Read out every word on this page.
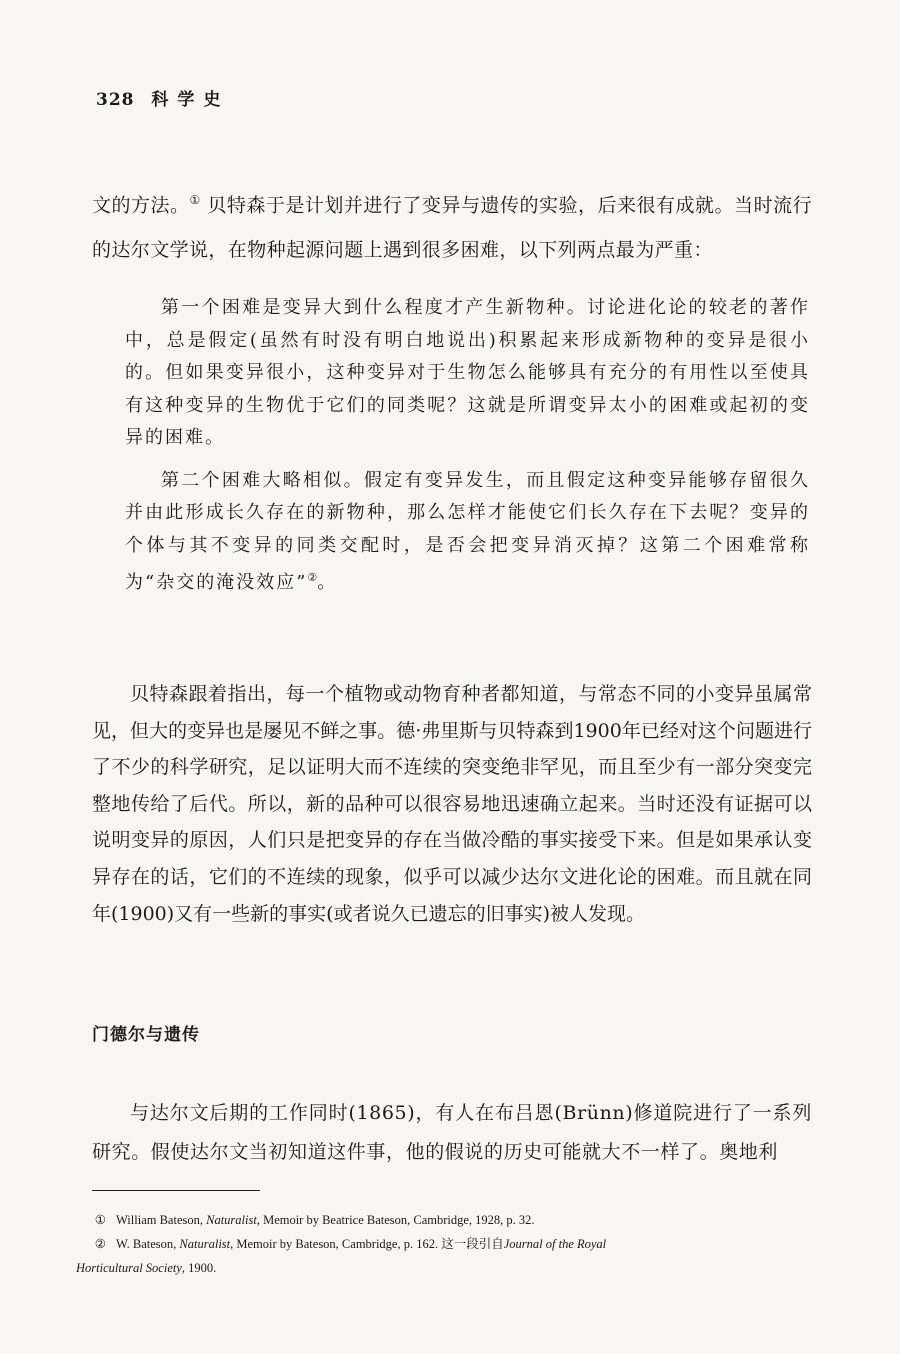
328 科学史

文的方法。① 贝特森于是计划并进行了变异与遗传的实验，后来很有成就。当时流行的达尔文学说，在物种起源问题上遇到很多困难，以下列两点最为严重：

第一个困难是变异大到什么程度才产生新物种。讨论进化论的较老的著作中，总是假定(虽然有时没有明白地说出)积累起来形成新物种的变异是很小的。但如果变异很小，这种变异对于生物怎么能够具有充分的有用性以至使具有这种变异的生物优于它们的同类呢？这就是所谓变异太小的困难或起初的变异的困难。

第二个困难大略相似。假定有变异发生，而且假定这种变异能够存留很久并由此形成长久存在的新物种，那么怎样才能使它们长久存在下去呢？变异的个体与其不变异的同类交配时，是否会把变异消灭掉？这第二个困难常称为“杂交的淹没效应”②。

贝特森跟着指出，每一个植物或动物育种者都知道，与常态不同的小变异虽属常见，但大的变异也是屡见不鲜之事。德·弗里斯与贝特森到1900年已经对这个问题进行了不少的科学研究，足以证明大而不连续的突变绝非罕见，而且至少有一部分突变完整地传给了后代。所以，新的品种可以很容易地迅速确立起来。当时还没有证据可以说明变异的原因，人们只是把变异的存在当做冷酷的事实接受下来。但是如果承认变异存在的话，它们的不连续的现象，似乎可以减少达尔文进化论的困难。而且就在同年(1900)又有一些新的事实(或者说久已遗忘的旧事实)被人发现。

门德尔与遗传

与达尔文后期的工作同时(1865)，有人在布吕恩(Brünn)修道院进行了一系列研究。假使达尔文当初知道这件事，他的假说的历史可能就大不一样了。奥地利

① William Bateson, Naturalist, Memoir by Beatrice Bateson, Cambridge, 1928, p. 32.

② W. Bateson, Naturalist, Memoir by Bateson, Cambridge, p. 162. 这一段引自Journal of the Royal

Horticultural Society, 1900.
